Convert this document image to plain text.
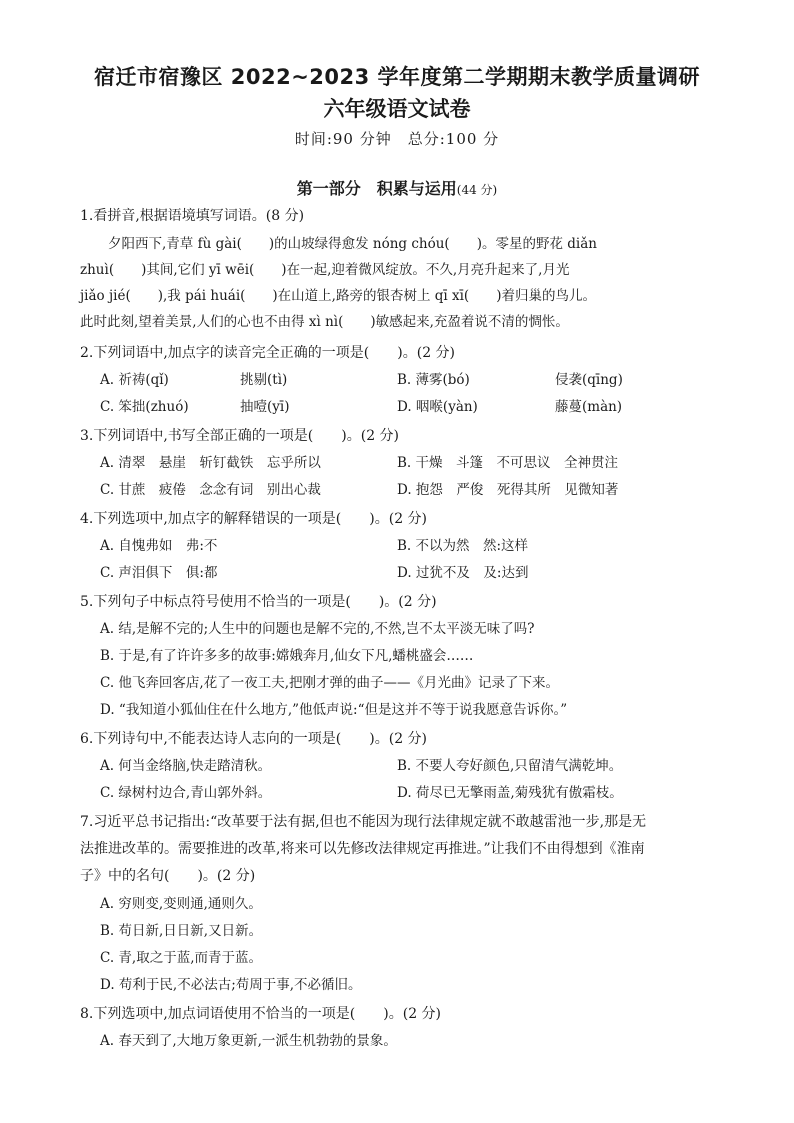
宿迁市宿豫区 2022~2023 学年度第二学期期末教学质量调研
六年级语文试卷
时间:90 分钟　总分:100 分
第一部分　积累与运用(44 分)
1.看拼音,根据语境填写词语。(8 分)
夕阳西下,青草 fù gài(　　)的山坡绿得愈发 nóng chóu(　　)。零星的野花 diǎn
zhuì(　　)其间,它们 yī wēi(　　)在一起,迎着微风绽放。不久,月亮升起来了,月光
jiǎo jié(　　),我 pái huái(　　)在山道上,路旁的银杏树上 qī xī(　　)着归巢的鸟儿。
此时此刻,望着美景,人们的心也不由得 xì nì(　　)敏感起来,充盈着说不清的惆怅。
2.下列词语中,加点字的读音完全正确的一项是(　　)。(2 分)
A. 祈祷(qǐ)	挑剔(tì)	B. 薄雾(bó)	侵袭(qīng)
C. 笨拙(zhuó)	抽噎(yī)	D. 咽喉(yàn)	藤蔓(màn)
3.下列词语中,书写全部正确的一项是(　　)。(2 分)
A. 清翠　悬崖　斩钉截铁　忘乎所以	B. 干燥　斗篷　不可思议　全神贯注
C. 甘蔗　疲倦　念念有词　别出心裁	D. 抱怨　严俊　死得其所　见微知著
4.下列选项中,加点字的解释错误的一项是(　　)。(2 分)
A. 自愧弗如　弗:不	B. 不以为然　然:这样
C. 声泪俱下　俱:都	D. 过犹不及　及:达到
5.下列句子中标点符号使用不恰当的一项是(　　)。(2 分)
A. 结,是解不完的;人生中的问题也是解不完的,不然,岂不太平淡无味了吗?
B. 于是,有了许许多多的故事:嫦娥奔月,仙女下凡,蟠桃盛会……
C. 他飞奔回客店,花了一夜工夫,把刚才弹的曲子——《月光曲》记录了下来。
D. “我知道小狐仙住在什么地方,”他低声说:“但是这并不等于说我愿意告诉你。”
6.下列诗句中,不能表达诗人志向的一项是(　　)。(2 分)
A. 何当金络脑,快走踏清秋。	B. 不要人夸好颜色,只留清气满乾坤。
C. 绿树村边合,青山郭外斜。	D. 荷尽已无擎雨盖,菊残犹有傲霜枝。
7.习近平总书记指出:“改革要于法有据,但也不能因为现行法律规定就不敢越雷池一步,那是无
法推进改革的。需要推进的改革,将来可以先修改法律规定再推进。”让我们不由得想到《淮南
子》中的名句(　　)。(2 分)
A. 穷则变,变则通,通则久。
B. 苟日新,日日新,又日新。
C. 青,取之于蓝,而青于蓝。
D. 苟利于民,不必法古;苟周于事,不必循旧。
8.下列选项中,加点词语使用不恰当的一项是(　　)。(2 分)
A. 春天到了,大地万象更新,一派生机勃勃的景象。
